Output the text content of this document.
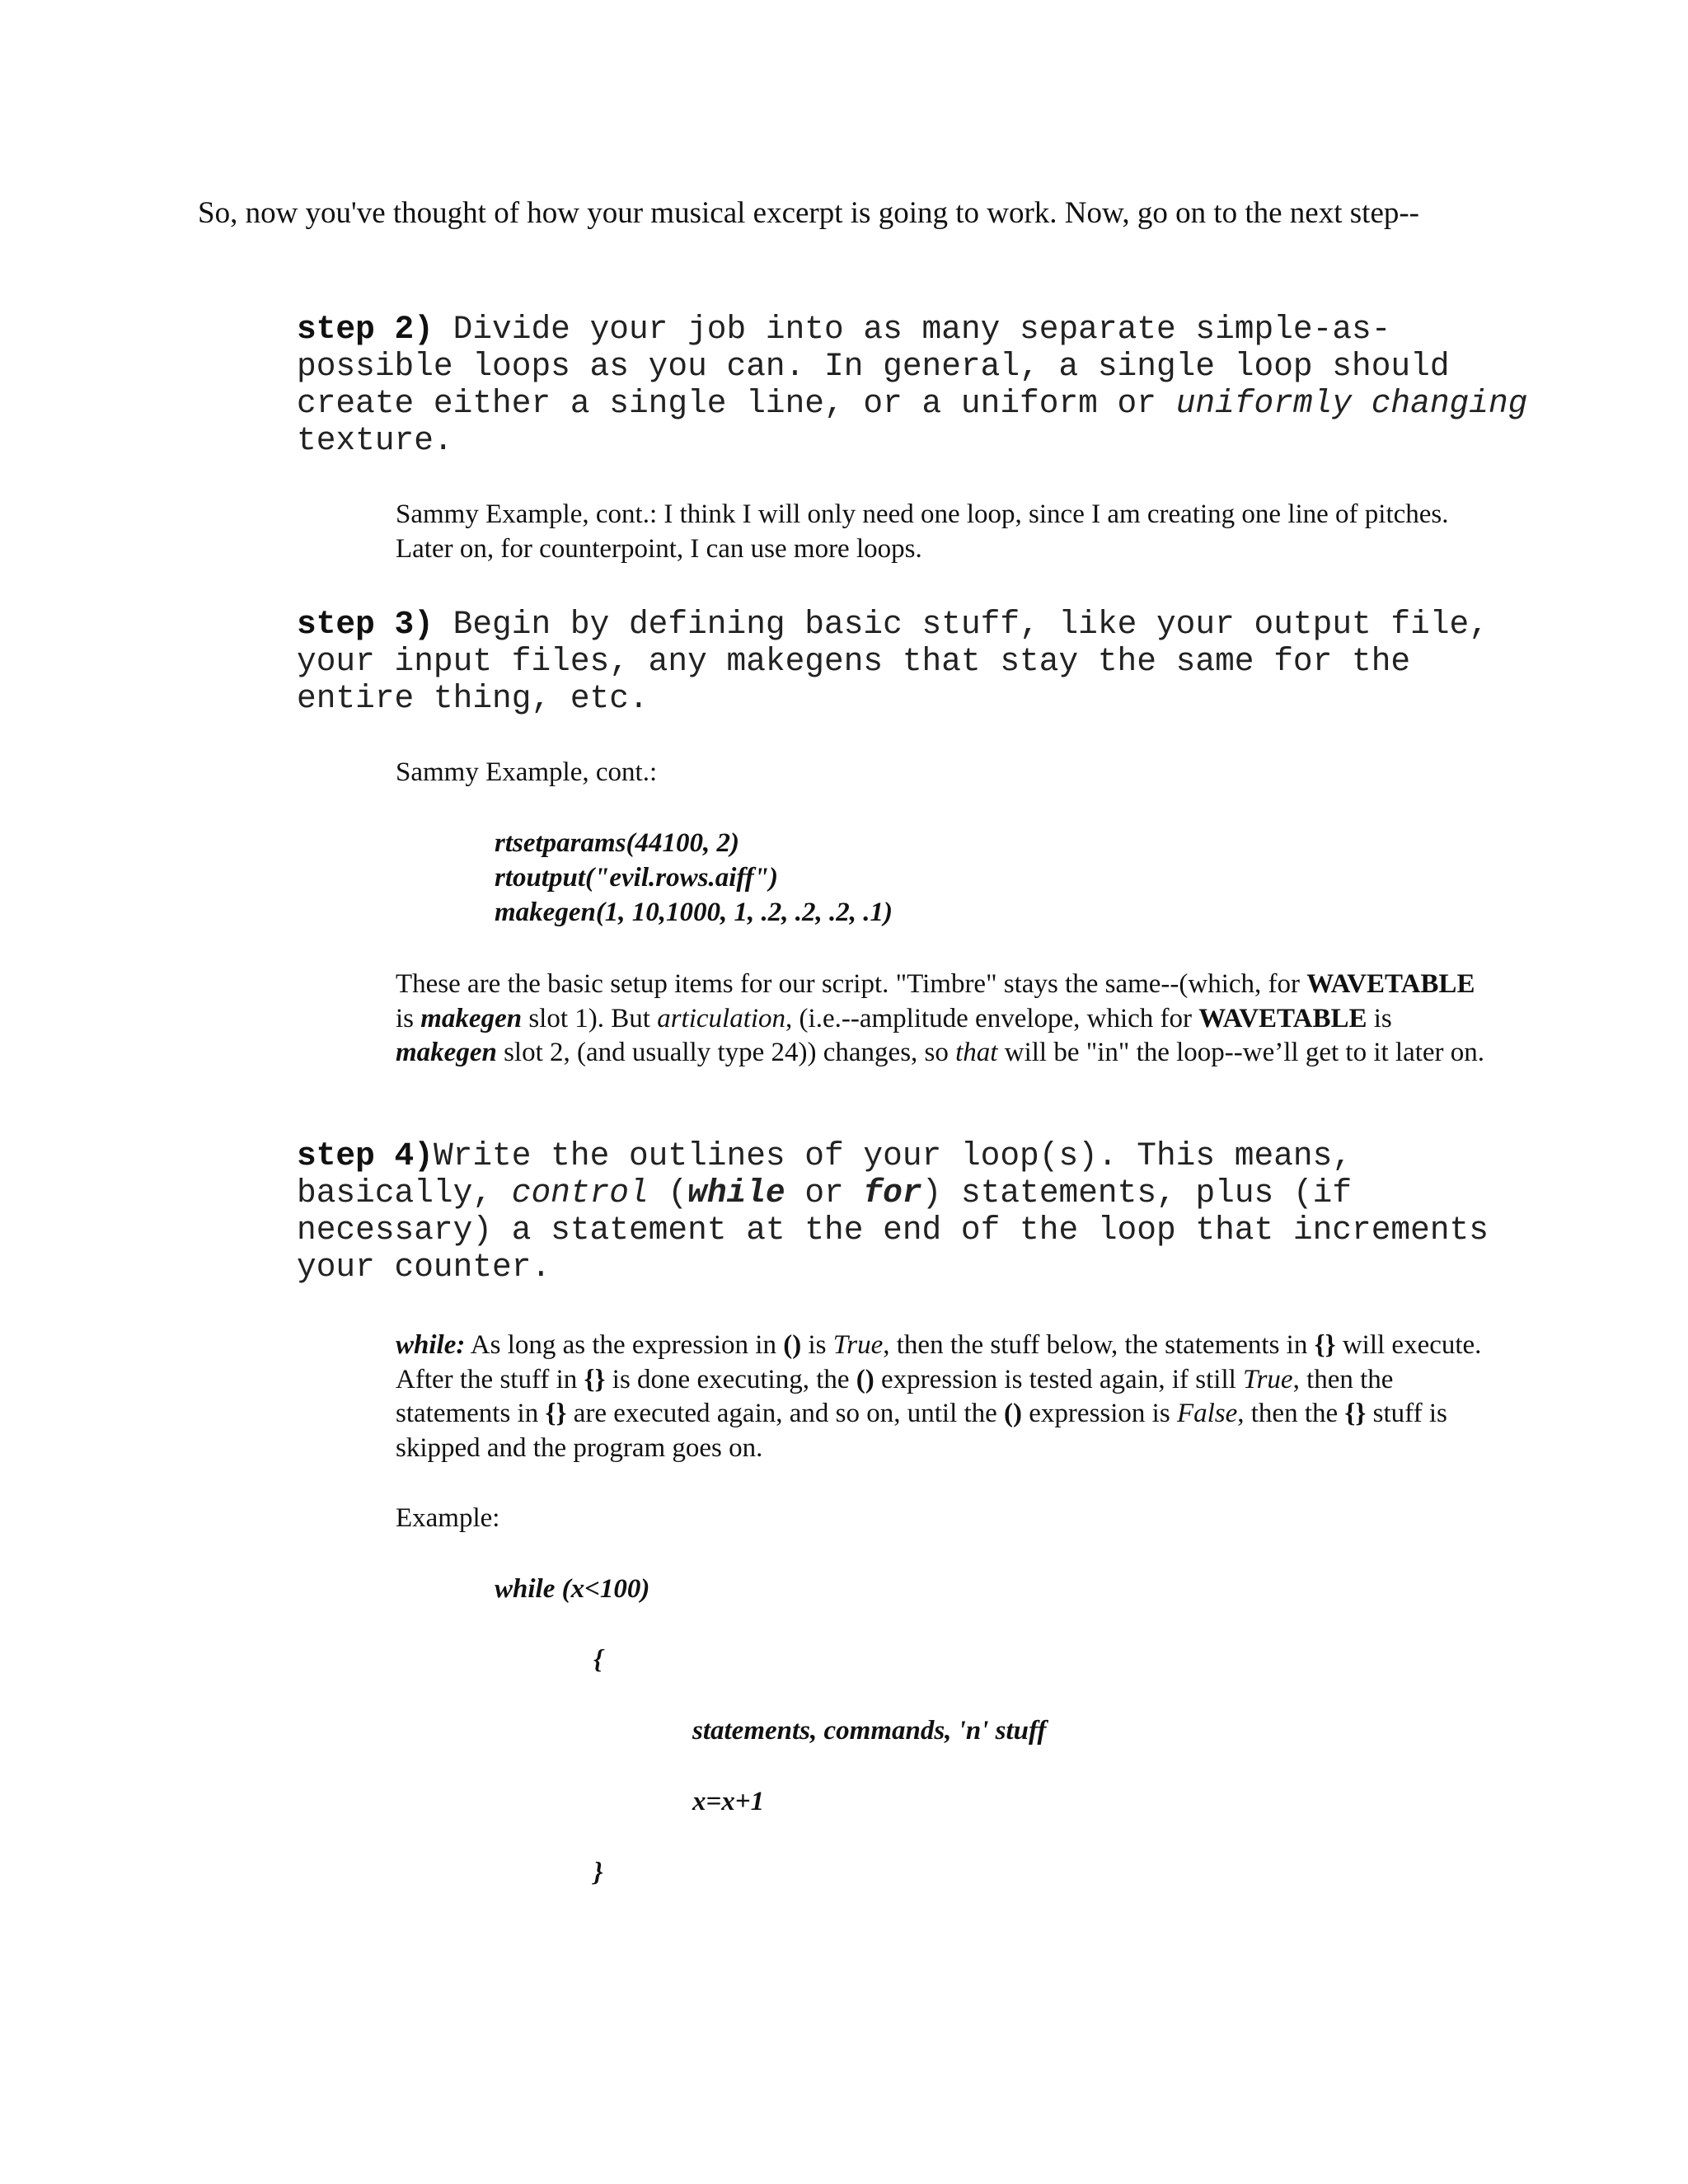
So, now you've thought of how your musical excerpt is going to work. Now, go on to the next step--

step 2) Divide your job into as many separate simple-as-possible loops as you can. In general, a single loop should create either a single line, or a uniform or uniformly changing texture.

Sammy Example, cont.: I think I will only need one loop, since I am creating one line of pitches. Later on, for counterpoint, I can use more loops.

step 3) Begin by defining basic stuff, like your output file, your input files, any makegens that stay the same for the entire thing, etc.

Sammy Example, cont.:

rtsetparams(44100, 2)
rtoutput("evil.rows.aiff")
makegen(1, 10,1000, 1, .2, .2, .2, .1)

These are the basic setup items for our script. "Timbre" stays the same--(which, for WAVETABLE is makegen slot 1). But articulation, (i.e.--amplitude envelope, which for WAVETABLE is makegen slot 2, (and usually type 24)) changes, so that will be "in" the loop--we’ll get to it later on.

step 4)Write the outlines of your loop(s). This means, basically, control (while or for) statements, plus (if necessary) a statement at the end of the loop that increments your counter.

while: As long as the expression in () is True, then the stuff below, the statements in {} will execute. After the stuff in {} is done executing, the () expression is tested again, if still True, then the statements in {} are executed again, and so on, until the () expression is False, then the {} stuff is skipped and the program goes on.

Example:

while (x<100)
{
statements, commands, 'n' stuff
x=x+1
}
